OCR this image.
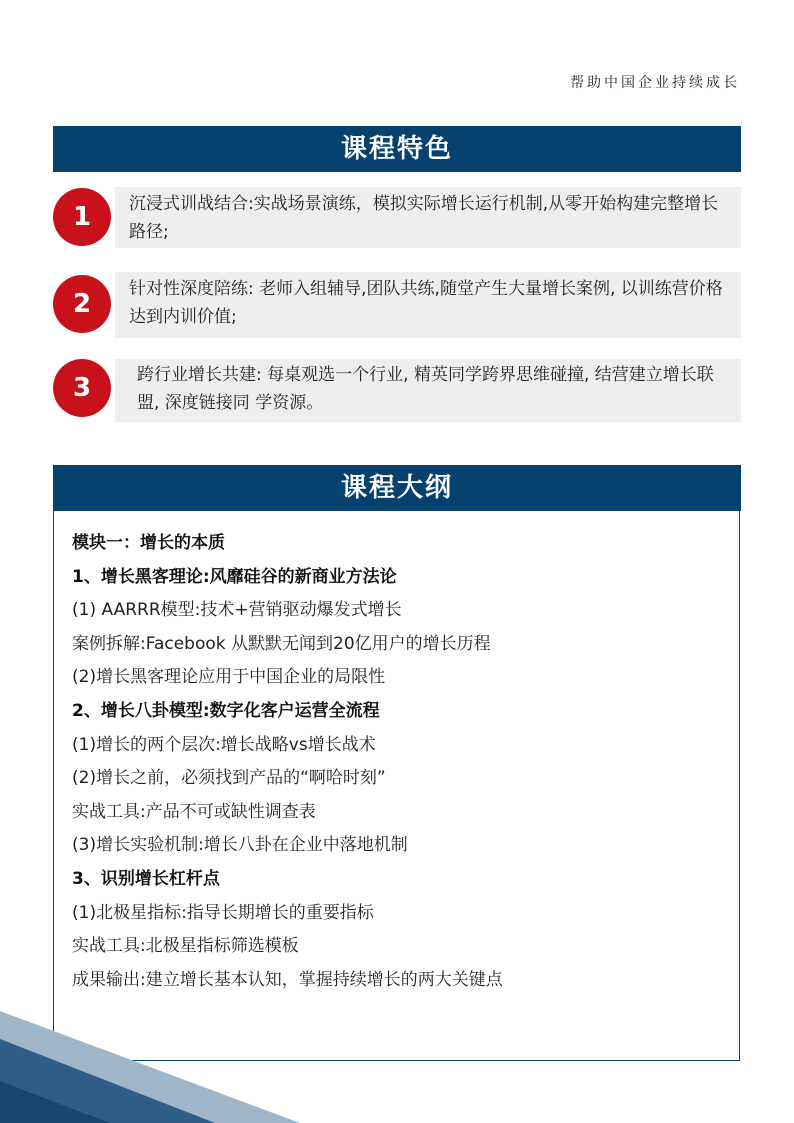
帮助中国企业持续成长
课程特色
1	沉浸式训战结合:实战场景演练，模拟实际增长运行机制,从零开始构建完整增长路径;
2	针对性深度陪练: 老师入组辅导,团队共练,随堂产生大量增长案例, 以训练营价格达到内训价值;
3	跨行业增长共建: 每桌观选一个行业, 精英同学跨界思维碰撞, 结营建立增长联盟, 深度链接同 学资源。
课程大纲
模块一：增长的本质
1、增长黑客理论:风靡硅谷的新商业方法论
(1) AARRR模型:技术+营销驱动爆发式增长
案例拆解:Facebook 从默默无闻到20亿用户的增长历程
(2)增长黑客理论应用于中国企业的局限性
2、增长八卦模型:数字化客户运营全流程
(1)增长的两个层次:增长战略vs增长战术
(2)增长之前，必须找到产品的“啊哈时刻”
实战工具:产品不可或缺性调查表
(3)增长实验机制:增长八卦在企业中落地机制
3、识别增长杠杆点
(1)北极星指标:指导长期增长的重要指标
实战工具:北极星指标筛选模板
成果输出:建立增长基本认知，掌握持续增长的两大关键点
